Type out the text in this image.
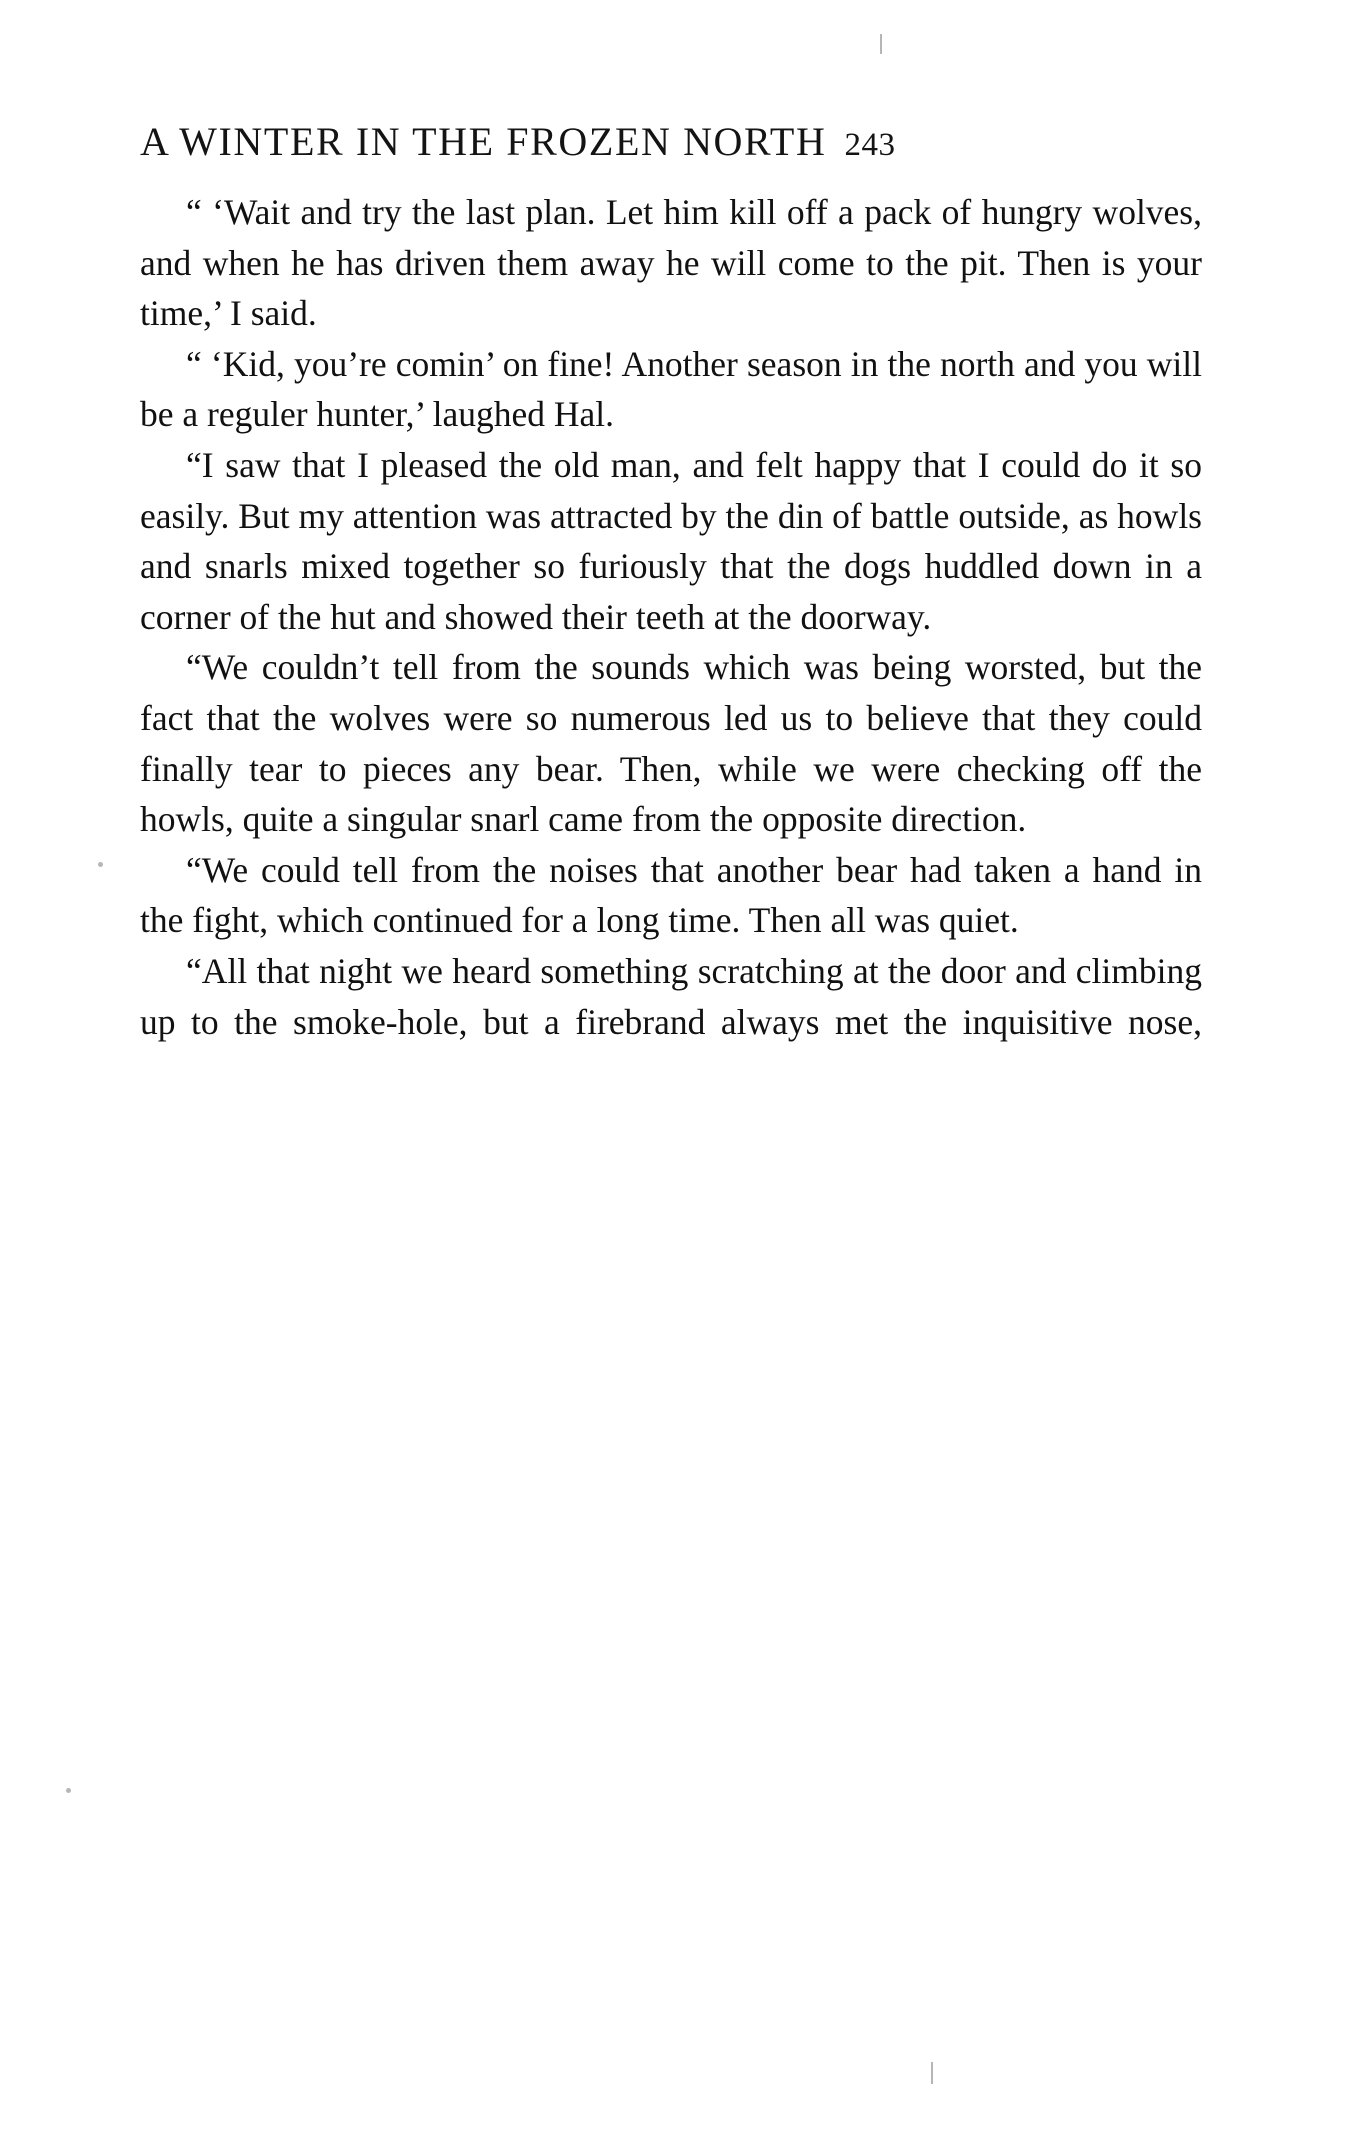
A WINTER IN THE FROZEN NORTH 243

“ ‘Wait and try the last plan. Let him kill off a pack of hungry wolves, and when he has driven them away he will come to the pit. Then is your time,’ I said.

“ ‘Kid, you’re comin’ on fine! Another season in the north and you will be a reguler hunter,’ laughed Hal.

“I saw that I pleased the old man, and felt happy that I could do it so easily. But my attention was attracted by the din of battle outside, as howls and snarls mixed together so furiously that the dogs huddled down in a corner of the hut and showed their teeth at the doorway.

“We couldn’t tell from the sounds which was being worsted, but the fact that the wolves were so numerous led us to believe that they could finally tear to pieces any bear. Then, while we were checking off the howls, quite a singular snarl came from the opposite direction.

“We could tell from the noises that another bear had taken a hand in the fight, which continued for a long time. Then all was quiet.

“All that night we heard something scratching at the door and climbing up to the smoke-hole, but a firebrand always met the inquisitive nose,
